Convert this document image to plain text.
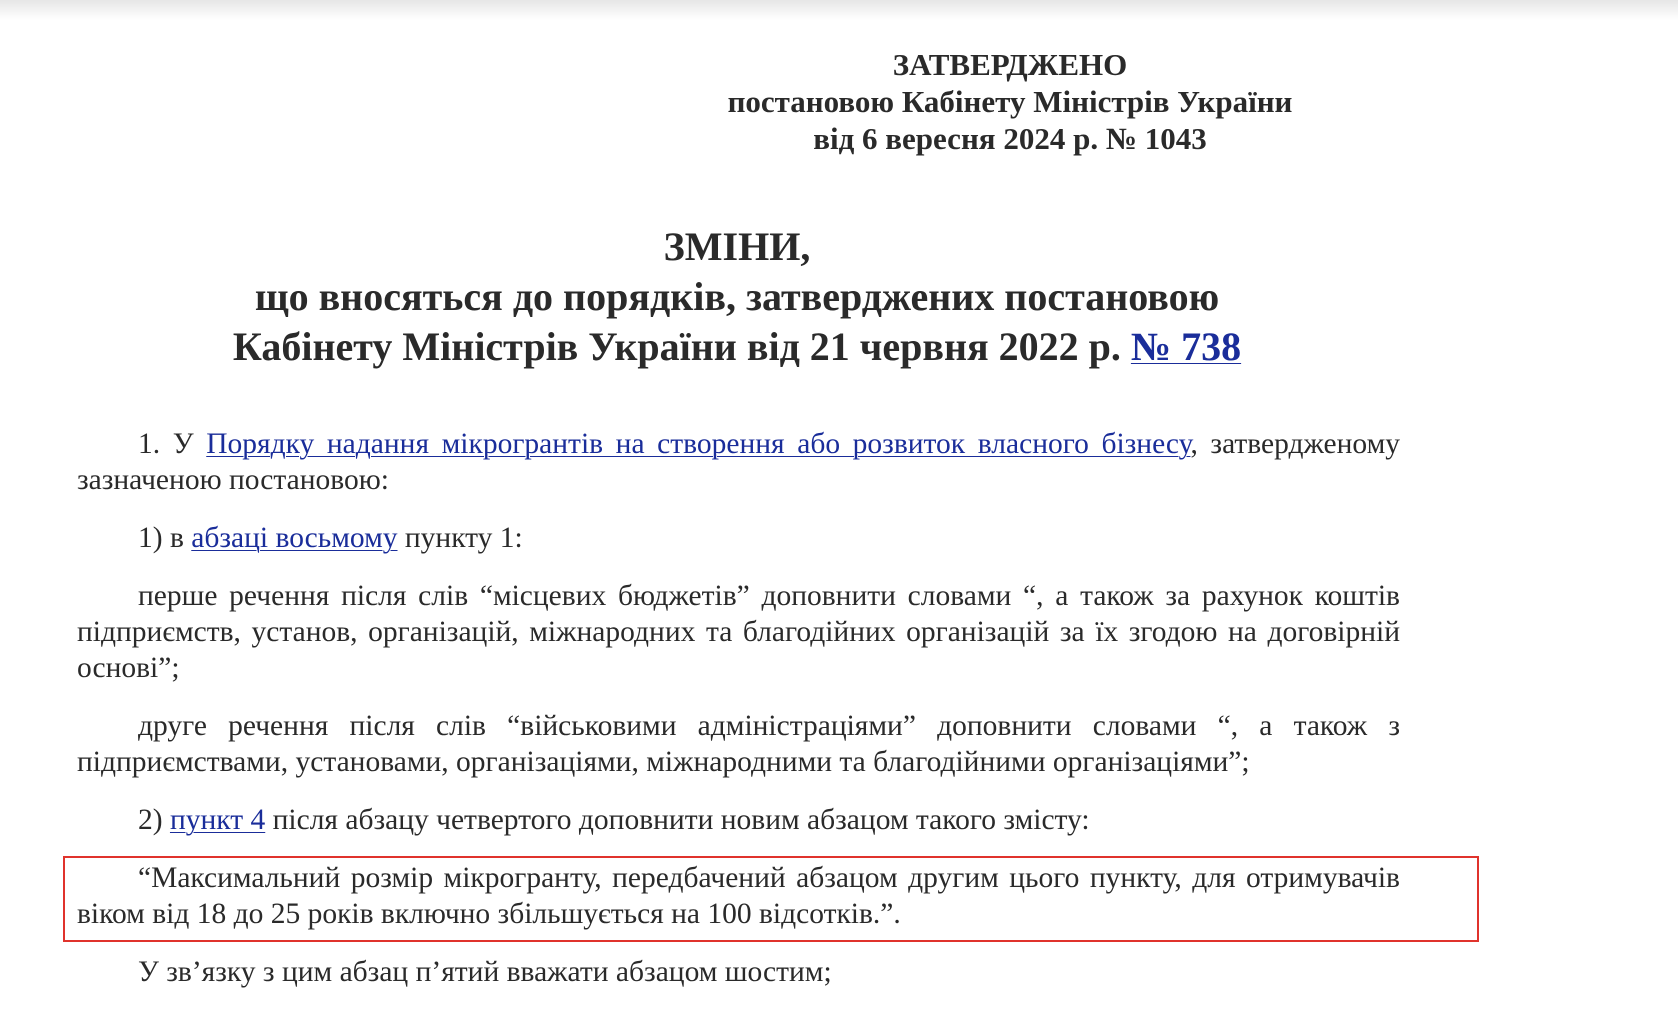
ЗАТВЕРДЖЕНО
постановою Кабінету Міністрів України
від 6 вересня 2024 р. № 1043
ЗМІНИ,
що вносяться до порядків, затверджених постановою
Кабінету Міністрів України від 21 червня 2022 р. № 738

1. У Порядку надання мікрогрантів на створення або розвиток власного бізнесу, затвердженому зазначеною постановою:

1) в абзаці восьмому пункту 1:

перше речення після слів “місцевих бюджетів” доповнити словами “, а також за рахунок коштів підприємств, установ, організацій, міжнародних та благодійних організацій за їх згодою на договірній основі”;

друге речення після слів “військовими адміністраціями” доповнити словами “, а також з підприємствами, установами, організаціями, міжнародними та благодійними організаціями”;

2) пункт 4 після абзацу четвертого доповнити новим абзацом такого змісту:

“Максимальний розмір мікрогранту, передбачений абзацом другим цього пункту, для отримувачів віком від 18 до 25 років включно збільшується на 100 відсотків.”.

У зв’язку з цим абзац п’ятий вважати абзацом шостим;
